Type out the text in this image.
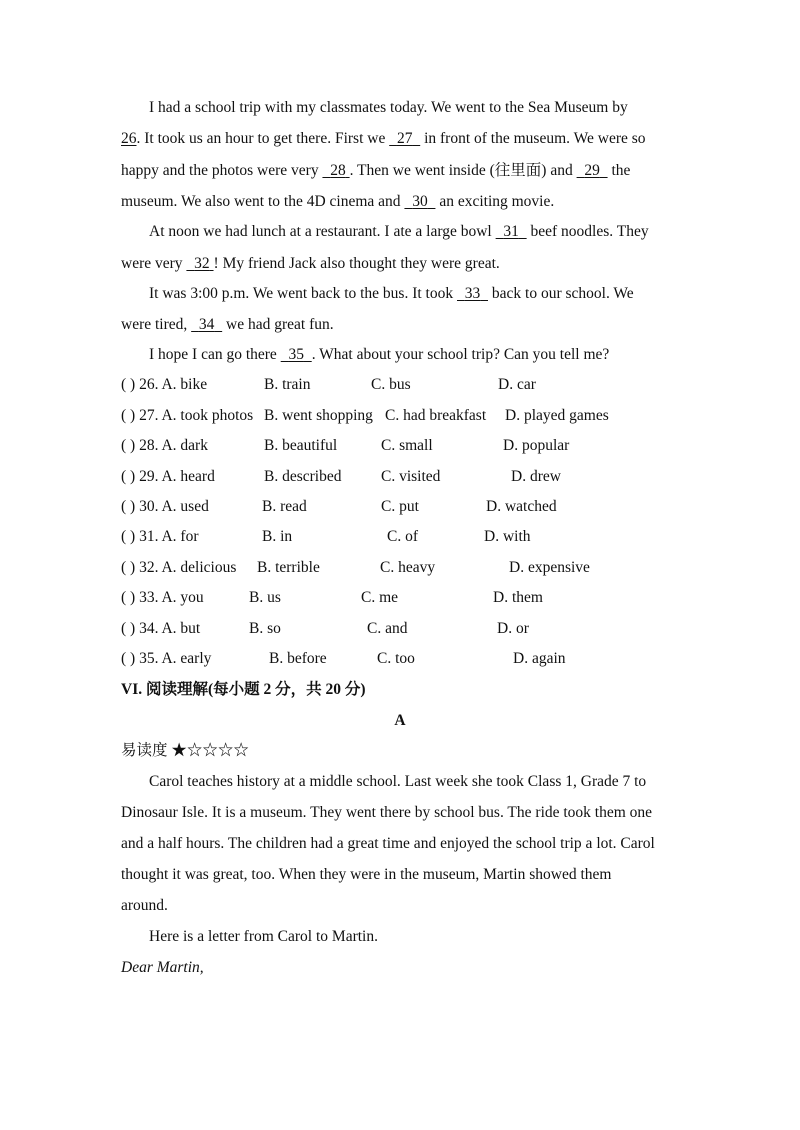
I had a school trip with my classmates today. We went to the Sea Museum by
26. It took us an hour to get there. First we   27   in front of the museum. We were so
happy and the photos were very   28 . Then we went inside (往里面) and   29   the
museum. We also went to the 4D cinema and   30   an exciting movie.
At noon we had lunch at a restaurant. I ate a large bowl   31   beef noodles. They
were very   32 ! My friend Jack also thought they were great.
It was 3:00 p.m. We went back to the bus. It took   33   back to our school. We
were tired,   34   we had great fun.
I hope I can go there   35 . What about your school trip? Can you tell me?
( ) 26. A. bike	B. train	C. bus	D. car
( ) 27. A. took photos B. went shopping C. had breakfast D. played games
( ) 28. A. dark	B. beautiful	C. small	D. popular
( ) 29. A. heard	B. described	C. visited	D. drew
( ) 30. A. used	B. read	C. put	D. watched
( ) 31. A. for	B. in	C. of	D. with
( ) 32. A. delicious B. terrible	C. heavy	D. expensive
( ) 33. A. you	B. us	C. me	D. them
( ) 34. A. but	B. so	C. and	D. or
( ) 35. A. early	B. before	C. too	D. again
VI. 阅读理解(每小题 2 分，共 20 分)
A
易读度 ★☆☆☆☆
Carol teaches history at a middle school. Last week she took Class 1, Grade 7 to
Dinosaur Isle. It is a museum. They went there by school bus. The ride took them one
and a half hours. The children had a great time and enjoyed the school trip a lot. Carol
thought it was great, too. When they were in the museum, Martin showed them
around.
Here is a letter from Carol to Martin.
Dear Martin,
